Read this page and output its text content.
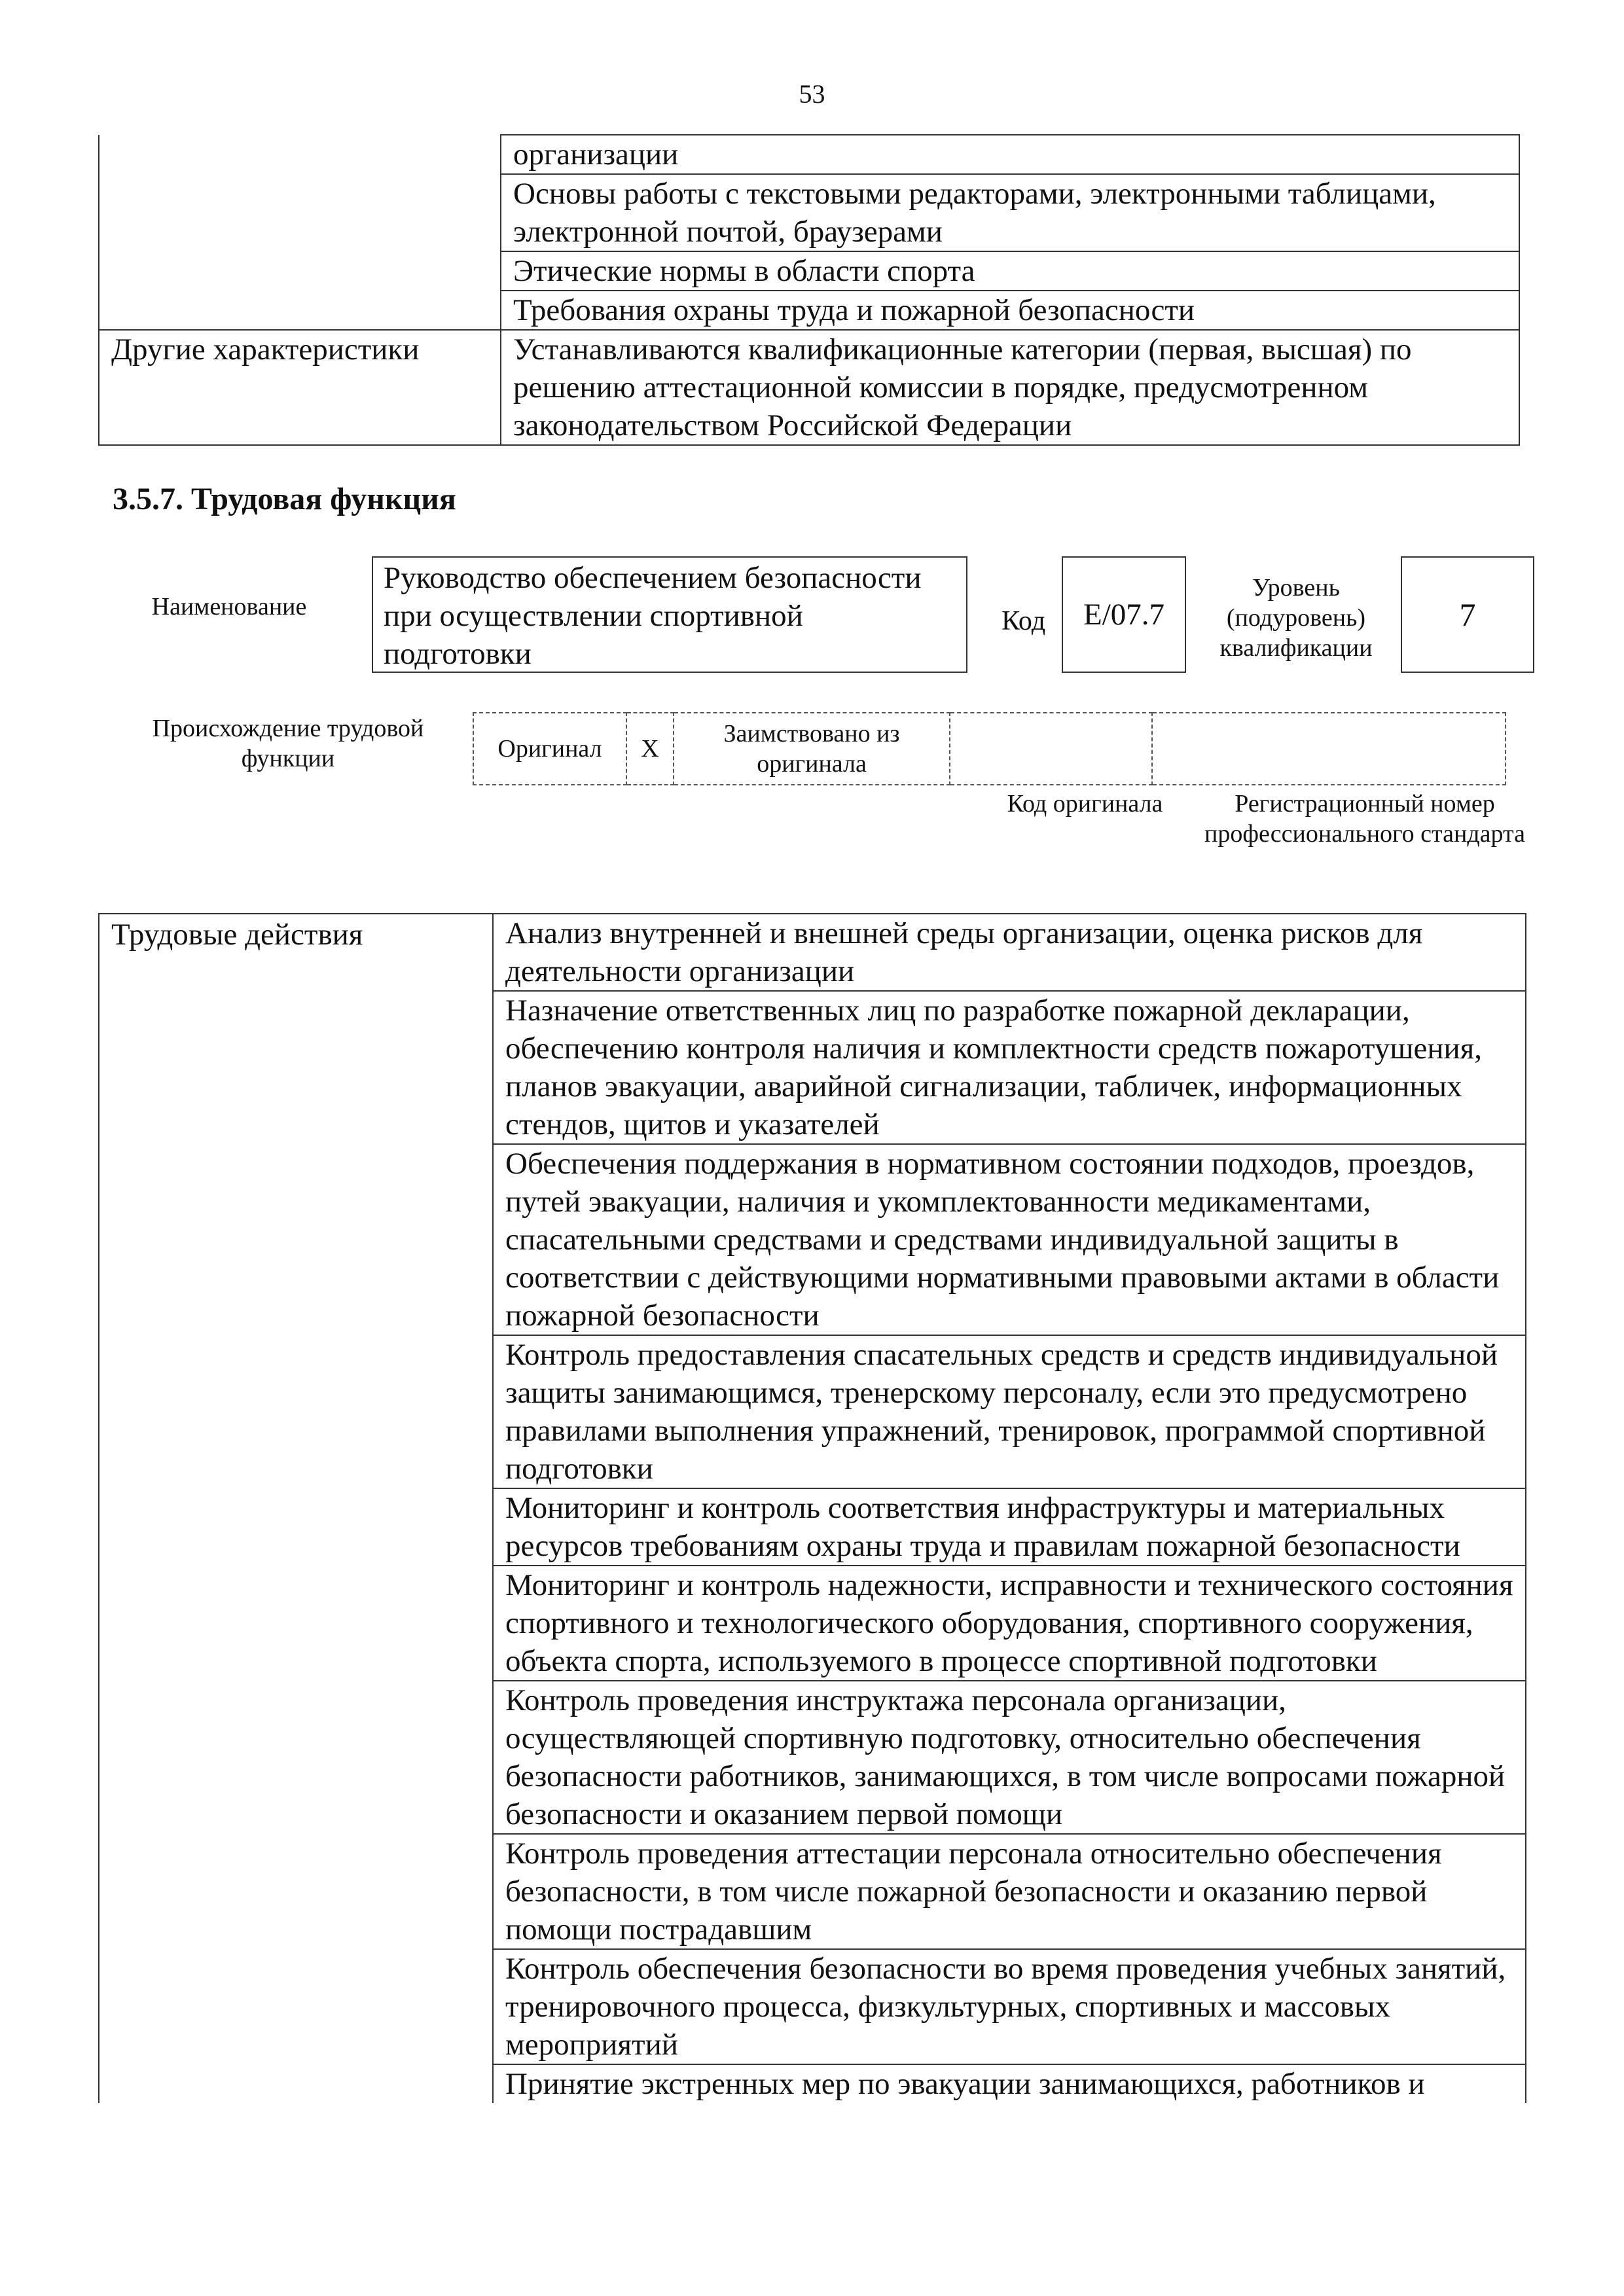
53
	организации
	Основы работы с текстовыми редакторами, электронными таблицами, электронной почтой, браузерами
	Этические нормы в области спорта
	Требования охраны труда и пожарной безопасности
Другие характеристики	Устанавливаются квалификационные категории (первая, высшая) по решению аттестационной комиссии в порядке, предусмотренном законодательством Российской Федерации
3.5.7. Трудовая функция
Наименование
Руководство обеспечением безопасности при осуществлении спортивной подготовки
Код	Е/07.7
Уровень (подуровень) квалификации
7
Происхождение трудовой функции	Оригинал	X	Заимствовано из оригинала		
Код оригинала	Регистрационный номер профессионального стандарта
Трудовые действия	Анализ внутренней и внешней среды организации, оценка рисков для деятельности организации
Назначение ответственных лиц по разработке пожарной декларации, обеспечению контроля наличия и комплектности средств пожаротушения, планов эвакуации, аварийной сигнализации, табличек, информационных стендов, щитов и указателей
Обеспечения поддержания в нормативном состоянии подходов, проездов, путей эвакуации, наличия и укомплектованности медикаментами, спасательными средствами и средствами индивидуальной защиты в соответствии с действующими нормативными правовыми актами в области пожарной безопасности
Контроль предоставления спасательных средств и средств индивидуальной защиты занимающимся, тренерскому персоналу, если это предусмотрено правилами выполнения упражнений, тренировок, программой спортивной подготовки
Мониторинг и контроль соответствия инфраструктуры и материальных ресурсов требованиям охраны труда и правилам пожарной безопасности
Мониторинг и контроль надежности, исправности и технического состояния спортивного и технологического оборудования, спортивного сооружения, объекта спорта, используемого в процессе спортивной подготовки
Контроль проведения инструктажа персонала организации, осуществляющей спортивную подготовку, относительно обеспечения безопасности работников, занимающихся, в том числе вопросами пожарной безопасности и оказанием первой помощи
Контроль проведения аттестации персонала относительно обеспечения безопасности, в том числе пожарной безопасности и оказанию первой помощи пострадавшим
Контроль обеспечения безопасности во время проведения учебных занятий, тренировочного процесса, физкультурных, спортивных и массовых мероприятий
Принятие экстренных мер по эвакуации занимающихся, работников и
